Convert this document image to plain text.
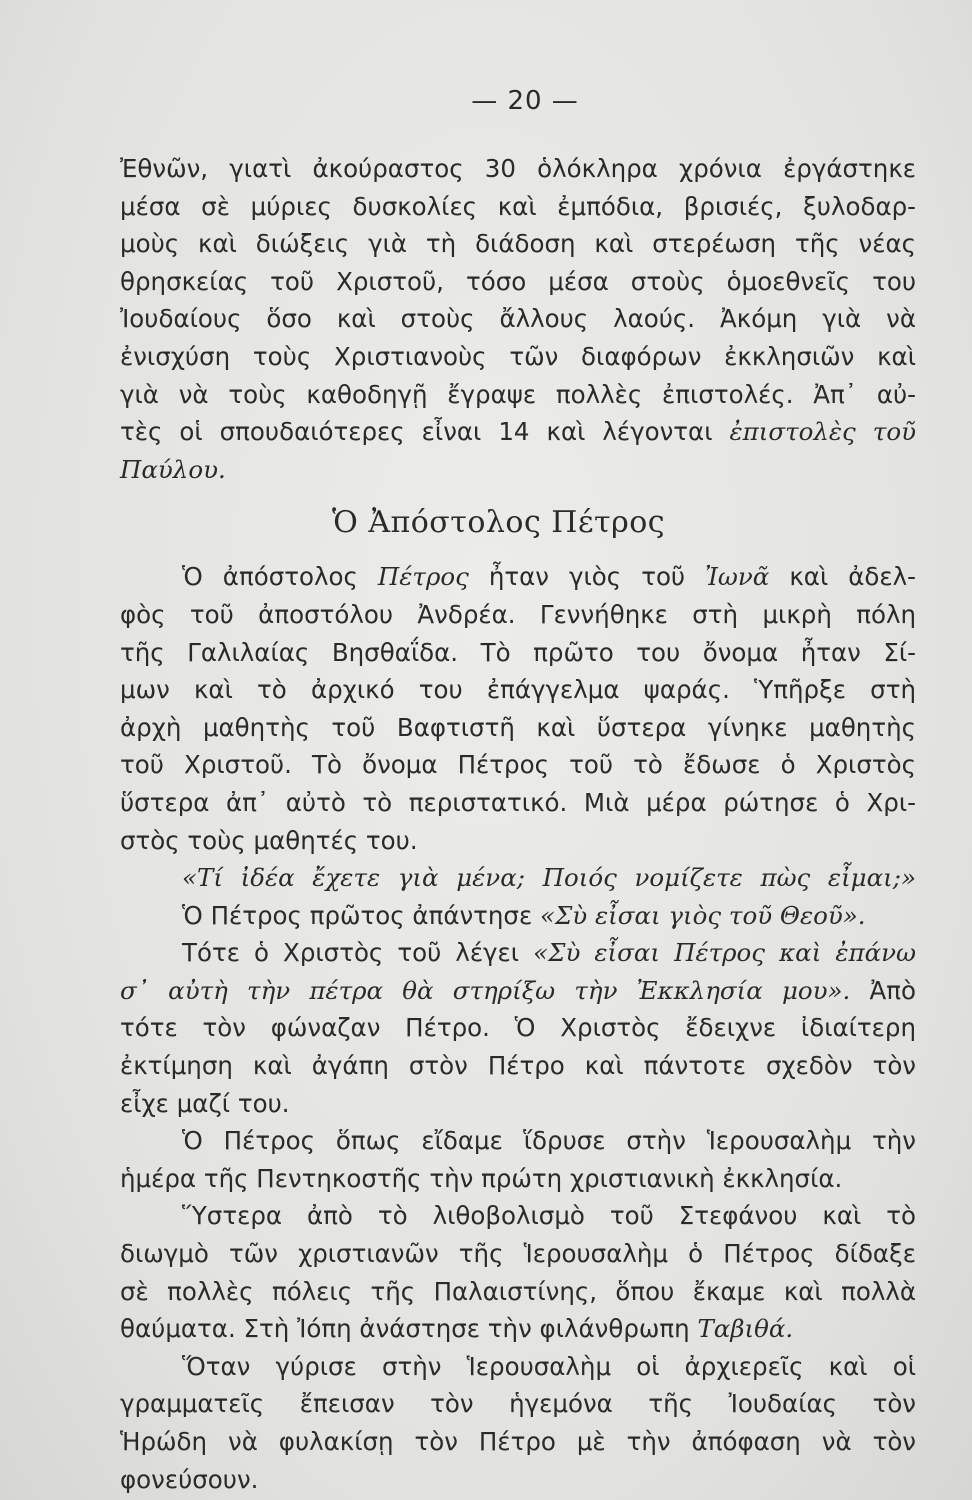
— 20 —
Ἐθνῶν, γιατὶ ἀκούραστος 30 ὁλόκληρα χρόνια ἐργάστηκε
μέσα σὲ μύριες δυσκολίες καὶ ἐμπόδια, βρισιές, ξυλοδαρ-
μοὺς καὶ διώξεις γιὰ τὴ διάδοση καὶ στερέωση τῆς νέας
θρησκείας τοῦ Χριστοῦ, τόσο μέσα στοὺς ὁμοεθνεῖς του
Ἰουδαίους ὅσο καὶ στοὺς ἄλλους λαούς. Ἀκόμη γιὰ νὰ
ἐνισχύση τοὺς Χριστιανοὺς τῶν διαφόρων ἐκκλησιῶν καὶ
γιὰ νὰ τοὺς καθοδηγῇ ἔγραψε πολλὲς ἐπιστολές. Ἀπ᾽ αὐ-
τὲς οἱ σπουδαιότερες εἶναι 14 καὶ λέγονται ἐπιστολὲς τοῦ
Παύλου.
Ὁ Ἀπόστολος Πέτρος
Ὁ ἀπόστολος Πέτρος ἦταν γιὸς τοῦ Ἰωνᾶ καὶ ἀδελ-
φὸς τοῦ ἀποστόλου Ἀνδρέα. Γεννήθηκε στὴ μικρὴ πόλη
τῆς Γαλιλαίας Βησθαΐδα. Τὸ πρῶτο του ὄνομα ἦταν Σί-
μων καὶ τὸ ἀρχικό του ἐπάγγελμα ψαράς. Ὑπῆρξε στὴ
ἀρχὴ μαθητὴς τοῦ Βαφτιστῆ καὶ ὕστερα γίνηκε μαθητὴς
τοῦ Χριστοῦ. Τὸ ὄνομα Πέτρος τοῦ τὸ ἔδωσε ὁ Χριστὸς
ὕστερα ἀπ᾽ αὐτὸ τὸ περιστατικό. Μιὰ μέρα ρώτησε ὁ Χρι-
στὸς τοὺς μαθητές του.
«Τί ἰδέα ἔχετε γιὰ μένα; Ποιός νομίζετε πὼς εἶμαι;»
Ὁ Πέτρος πρῶτος ἀπάντησε «Σὺ εἶσαι γιὸς τοῦ Θεοῦ».
Τότε ὁ Χριστὸς τοῦ λέγει «Σὺ εἶσαι Πέτρος καὶ ἐπάνω
σ᾽ αὐτὴ τὴν πέτρα θὰ στηρίξω τὴν Ἐκκλησία μου». Ἀπὸ
τότε τὸν φώναζαν Πέτρο. Ὁ Χριστὸς ἔδειχνε ἰδιαίτερη
ἐκτίμηση καὶ ἀγάπη στὸν Πέτρο καὶ πάντοτε σχεδὸν τὸν
εἶχε μαζί του.
Ὁ Πέτρος ὅπως εἴδαμε ἵδρυσε στὴν Ἱερουσαλὴμ τὴν
ἡμέρα τῆς Πεντηκοστῆς τὴν πρώτη χριστιανικὴ ἐκκλησία.
Ὕστερα ἀπὸ τὸ λιθοβολισμὸ τοῦ Στεφάνου καὶ τὸ
διωγμὸ τῶν χριστιανῶν τῆς Ἱερουσαλὴμ ὁ Πέτρος δίδαξε
σὲ πολλὲς πόλεις τῆς Παλαιστίνης, ὅπου ἔκαμε καὶ πολλὰ
θαύματα. Στὴ Ἰόπη ἀνάστησε τὴν φιλάνθρωπη Ταβιθά.
Ὅταν γύρισε στὴν Ἱερουσαλὴμ οἱ ἀρχιερεῖς καὶ οἱ
γραμματεῖς ἔπεισαν τὸν ἡγεμόνα τῆς Ἰουδαίας τὸν
Ἡρώδη νὰ φυλακίσῃ τὸν Πέτρο μὲ τὴν ἀπόφαση νὰ τὸν
φονεύσουν.
